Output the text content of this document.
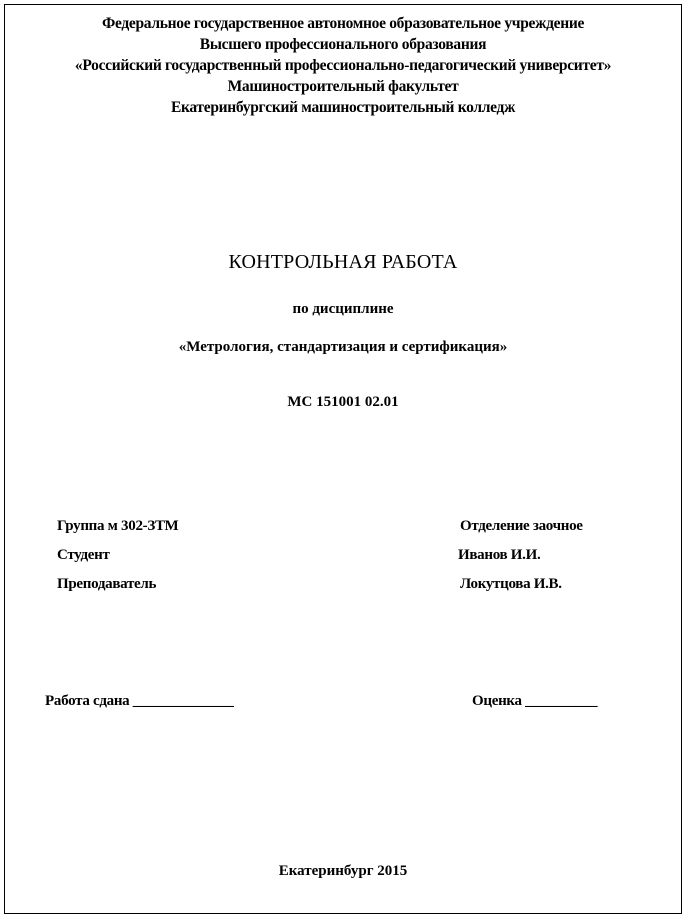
Федеральное государственное автономное образовательное учреждение
Высшего профессионального образования
«Российский государственный профессионально-педагогический университет»
Машиностроительный факультет
Екатеринбургский машиностроительный колледж
КОНТРОЛЬНАЯ РАБОТА
по дисциплине
«Метрология, стандартизация и сертификация»
МС 151001 02.01
Группа м 302-ЗТМ	Отделение заочное
Студент	Иванов И.И.
Преподаватель	Локутцова И.В.
Работа сдана ______________	Оценка __________
Екатеринбург 2015
